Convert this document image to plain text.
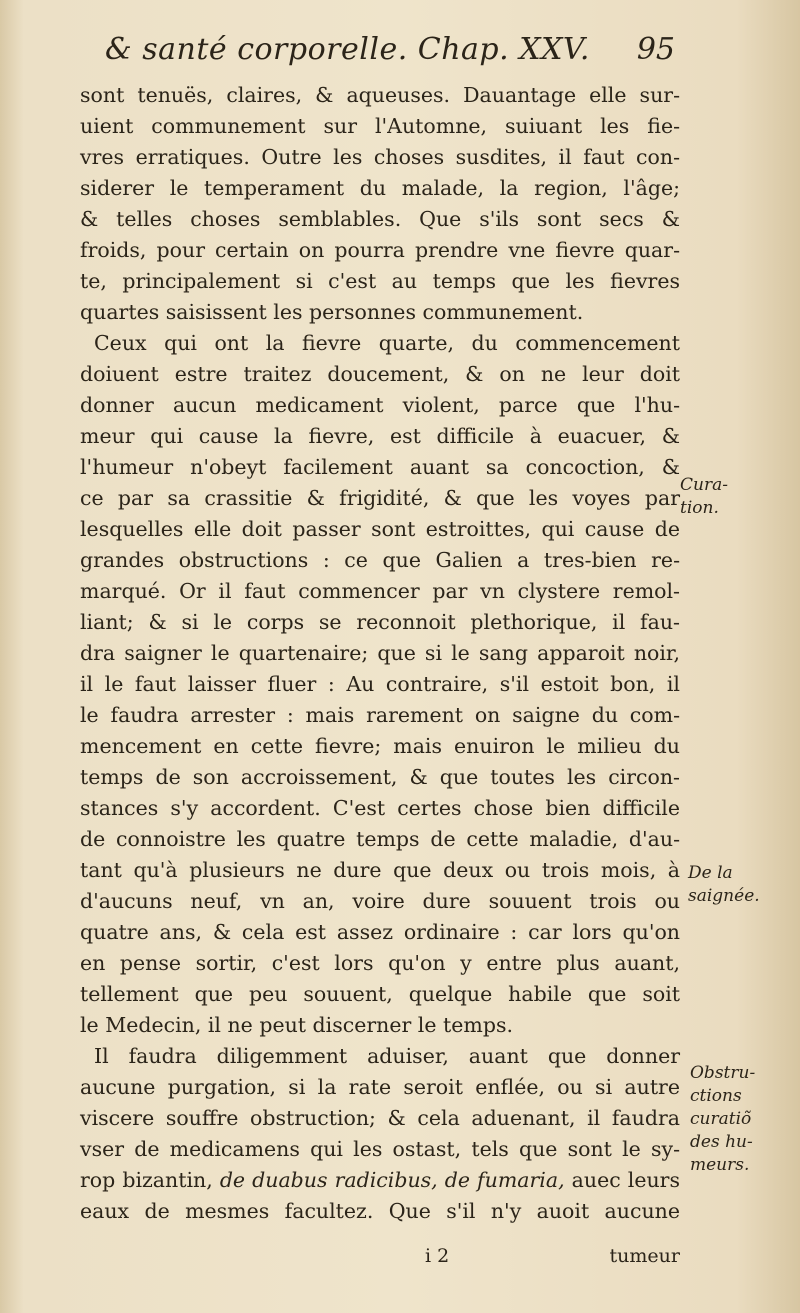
& santé corporelle. Chap. XXV. 95
sont tenuës, claires, & aqueuses. Dauantage elle sur-
uient communement sur l'Automne, suiuant les fie-
vres erratiques. Outre les choses susdites, il faut con-
siderer le temperament du malade, la region, l'âge;
& telles choses semblables. Que s'ils sont secs &
froids, pour certain on pourra prendre vne fievre quar-
te, principalement si c'est au temps que les fievres
quartes saisissent les personnes communement.
Ceux qui ont la fievre quarte, du commencement
doiuent estre traitez doucement, & on ne leur doit
donner aucun medicament violent, parce que l'hu-
meur qui cause la fievre, est difficile à euacuer, &
l'humeur n'obeyt facilement auant sa concoction, &
ce par sa crassitie & frigidité, & que les voyes par
lesquelles elle doit passer sont estroittes, qui cause de
grandes obstructions : ce que Galien a tres-bien re-
marqué. Or il faut commencer par vn clystere remol-
liant; & si le corps se reconnoit plethorique, il fau-
dra saigner le quartenaire; que si le sang apparoit noir,
il le faut laisser fluer : Au contraire, s'il estoit bon, il
le faudra arrester : mais rarement on saigne du com-
mencement en cette fievre; mais enuiron le milieu du
temps de son accroissement, & que toutes les circon-
stances s'y accordent. C'est certes chose bien difficile
de connoistre les quatre temps de cette maladie, d'au-
tant qu'à plusieurs ne dure que deux ou trois mois, à
d'aucuns neuf, vn an, voire dure souuent trois ou
quatre ans, & cela est assez ordinaire : car lors qu'on
en pense sortir, c'est lors qu'on y entre plus auant,
tellement que peu souuent, quelque habile que soit
le Medecin, il ne peut discerner le temps.
Il faudra diligemment aduiser, auant que donner
aucune purgation, si la rate seroit enflée, ou si autre
viscere souffre obstruction; & cela aduenant, il faudra
vser de medicamens qui les ostast, tels que sont le sy-
rop bizantin, de duabus radicibus, de fumaria, auec leurs
eaux de mesmes facultez. Que s'il n'y auoit aucune
Cura-
tion.
De la
saignée.
Obstru-
ctions
curatiõ
des hu-
meurs.
i 2	tumeur
